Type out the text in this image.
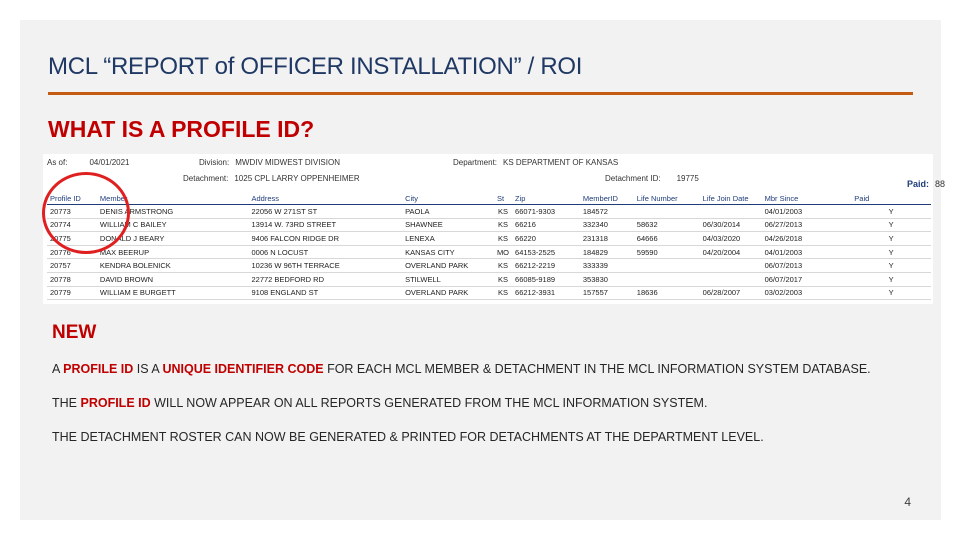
MCL “REPORT of OFFICER INSTALLATION” / ROI
WHAT IS A PROFILE ID?
As of:	04/01/2021	Division: MWDIV MIDWEST DIVISION	Department: KS DEPARTMENT OF KANSAS
Detachment: 1025 CPL LARRY OPPENHEIMER	Detachment ID: 19775
Paid: 88
Profile ID	Member		Address	City	St	Zip	MemberID	Life Number	Life Join Date	Mbr Since	Paid
20773	DENIS ARMSTRONG		22056 W 271ST ST	PAOLA	KS	66071-9303	184572			04/01/2003	Y
20774	WILLIAM C BAILEY		13914 W. 73RD STREET	SHAWNEE	KS	66216	332340	58632	06/30/2014	06/27/2013	Y
20775	DONALD J BEARY		9406 FALCON RIDGE DR	LENEXA	KS	66220	231318	64666	04/03/2020	04/26/2018	Y
20776	MAX BEERUP		0006 N LOCUST	KANSAS CITY	MO	64153-2525	184829	59590	04/20/2004	04/01/2003	Y
20757	KENDRA BOLENICK		10236 W 96TH TERRACE	OVERLAND PARK	KS	66212-2219	333339			06/07/2013	Y
20778	DAVID BROWN		22772 BEDFORD RD	STILWELL	KS	66085-9189	353830			06/07/2017	Y
20779	WILLIAM E BURGETT		9108 ENGLAND ST	OVERLAND PARK	KS	66212-3931	157557	18636	06/28/2007	03/02/2003	Y
NEW
A PROFILE ID IS A UNIQUE IDENTIFIER CODE FOR EACH MCL MEMBER & DETACHMENT IN THE MCL INFORMATION SYSTEM DATABASE.
THE PROFILE ID WILL NOW APPEAR ON ALL REPORTS GENERATED FROM THE MCL INFORMATION SYSTEM.
THE DETACHMENT ROSTER CAN NOW BE GENERATED & PRINTED FOR DETACHMENTS AT THE DEPARTMENT LEVEL.
4
